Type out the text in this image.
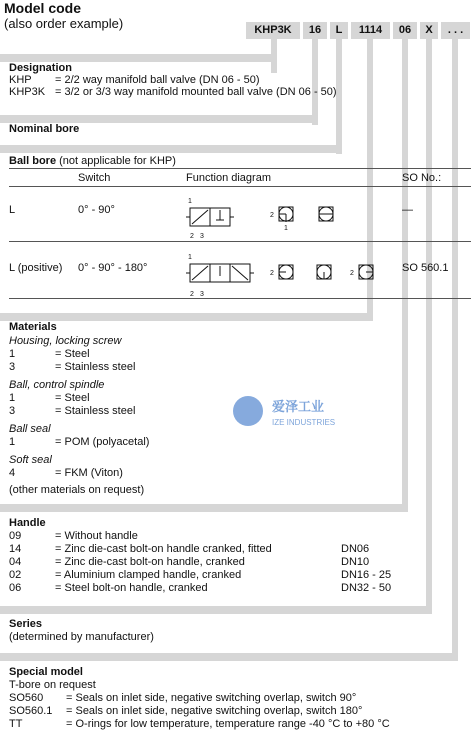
Model code
(also order example)	KHP3K	16	L	1114	06	X	. . .
Designation
KHP = 2/2 way manifold ball valve (DN 06 - 50)
KHP3K = 3/2 or 3/3 way manifold mounted ball valve (DN 06 - 50)
Nominal bore
Ball bore (not applicable for KHP)
Switch	Function diagram	SO No.:
L	0° - 90°	—
1
2 3
2
1
L (positive) 0° - 90° - 180°	SO 560.1
1
2 3
2	2
Materials
Housing, locking screw
1	= Steel
3	= Stainless steel
Ball, control spindle
1	= Steel
3	= Stainless steel
Ball seal
1	= POM (polyacetal)
Soft seal
4	= FKM (Viton)
(other materials on request)
爱泽工业
IZE INDUSTRIES
Handle
09	= Without handle
14	= Zinc die-cast bolt-on handle cranked, fitted	DN06
04	= Zinc die-cast bolt-on handle, cranked	DN10
02	= Aluminium clamped handle, cranked	DN16 - 25
06	= Steel bolt-on handle, cranked	DN32 - 50
Series
(determined by manufacturer)
Special model
T-bore on request
SO560 = Seals on inlet side, negative switching overlap, switch 90°
SO560.1 = Seals on inlet side, negative switching overlap, switch 180°
TT	= O-rings for low temperature, temperature range -40 °C to +80 °C
